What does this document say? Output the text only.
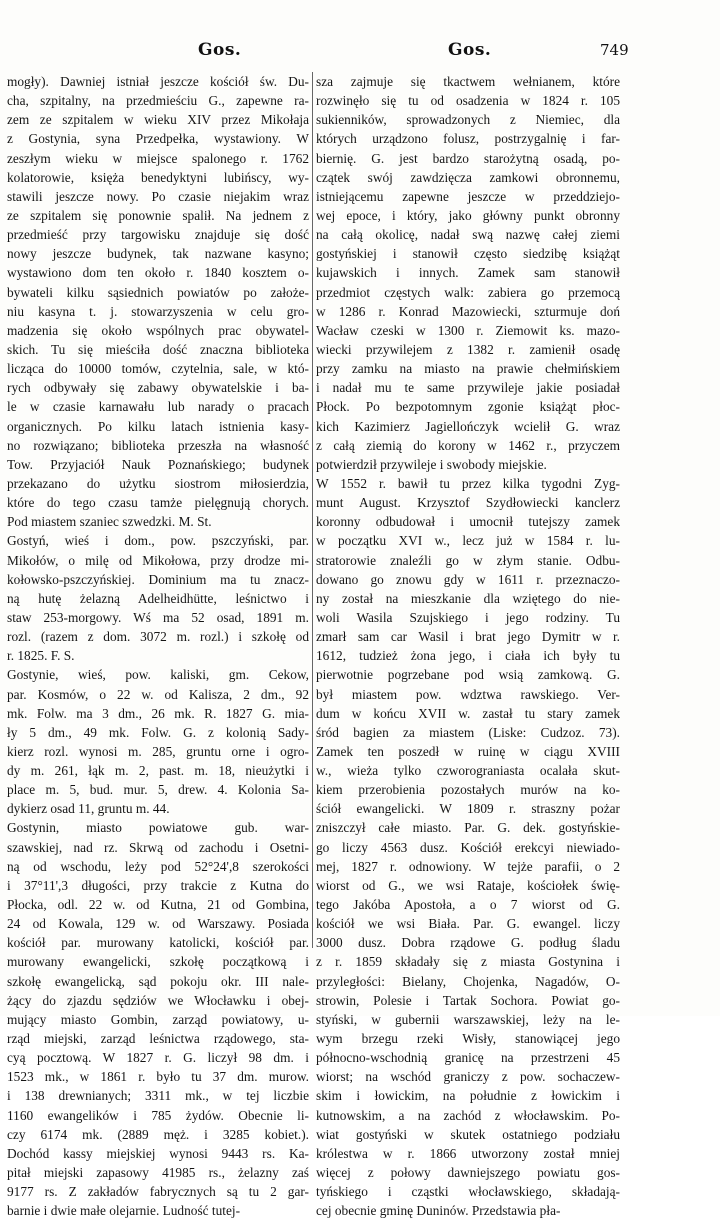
Gos.	Gos.	749
mogły). Dawniej istniał jeszcze kościół św. Du-
cha, szpitalny, na przedmieściu G., zapewne ra-
zem ze szpitalem w wieku XIV przez Mikołaja
z Gostynia, syna Przedpełka, wystawiony. W
zeszłym wieku w miejsce spalonego r. 1762
kolatorowie, księża benedyktyni lubińscy, wy-
stawili jeszcze nowy. Po czasie niejakim wraz
ze szpitalem się ponownie spalił. Na jednem z
przedmieść przy targowisku znajduje się dość
nowy jeszcze budynek, tak nazwane kasyno;
wystawiono dom ten około r. 1840 kosztem o-
bywateli kilku sąsiednich powiatów po założe-
niu kasyna t. j. stowarzyszenia w celu gro-
madzenia się około wspólnych prac obywatel-
skich. Tu się mieściła dość znaczna biblioteka
licząca do 10000 tomów, czytelnia, sale, w któ-
rych odbywały się zabawy obywatelskie i ba-
le w czasie karnawału lub narady o pracach
organicznych. Po kilku latach istnienia kasy-
no rozwiązano; biblioteka przeszła na własność
Tow. Przyjaciół Nauk Poznańskiego; budynek
przekazano do użytku siostrom miłosierdzia,
które do tego czasu tamże pielęgnują chorych.
Pod miastem szaniec szwedzki. M. St.
Gostyń, wieś i dom., pow. pszczyński, par.
Mikołów, o milę od Mikołowa, przy drodze mi-
kołowsko-pszczyńskiej. Dominium ma tu znacz-
ną hutę żelazną Adelheidhütte, leśnictwo i
staw 253-morgowy. Wś ma 52 osad, 1891 m.
rozl. (razem z dom. 3072 m. rozl.) i szkołę od
r. 1825. F. S.
Gostynie, wieś, pow. kaliski, gm. Cekow,
par. Kosmów, o 22 w. od Kalisza, 2 dm., 92
mk. Folw. ma 3 dm., 26 mk. R. 1827 G. mia-
ły 5 dm., 49 mk. Folw. G. z kolonią Sady-
kierz rozl. wynosi m. 285, gruntu orne i ogro-
dy m. 261, łąk m. 2, past. m. 18, nieużytki i
place m. 5, bud. mur. 5, drew. 4. Kolonia Sa-
dykierz osad 11, gruntu m. 44.
Gostynin, miasto powiatowe gub. war-
szawskiej, nad rz. Skrwą od zachodu i Osetni-
ną od wschodu, leży pod 52°24',8 szerokości
i 37°11',3 długości, przy trakcie z Kutna do
Płocka, odl. 22 w. od Kutna, 21 od Gombina,
24 od Kowala, 129 w. od Warszawy. Posiada
kościół par. murowany katolicki, kościół par.
murowany ewangelicki, szkołę początkową i
szkołę ewangelicką, sąd pokoju okr. III nale-
żący do zjazdu sędziów we Włocławku i obej-
mujący miasto Gombin, zarząd powiatowy, u-
rząd miejski, zarząd leśnictwa rządowego, sta-
cyą pocztową. W 1827 r. G. liczył 98 dm. i
1523 mk., w 1861 r. było tu 37 dm. murow.
i 138 drewnianych; 3311 mk., w tej liczbie
1160 ewangelików i 785 żydów. Obecnie li-
czy 6174 mk. (2889 męż. i 3285 kobiet.).
Dochód kassy miejskiej wynosi 9443 rs. Ka-
pitał miejski zapasowy 41985 rs., żelazny zaś
9177 rs. Z zakładów fabrycznych są tu 2 gar-
barnie i dwie małe olejarnie. Ludność tutej-
sza zajmuje się tkactwem wełnianem, które
rozwinęło się tu od osadzenia w 1824 r. 105
sukienników, sprowadzonych z Niemiec, dla
których urządzono folusz, postrzygalnię i far-
biernię. G. jest bardzo starożytną osadą, po-
czątek swój zawdzięcza zamkowi obronnemu,
istniejącemu zapewne jeszcze w przeddziejo-
wej epoce, i który, jako główny punkt obronny
na całą okolicę, nadał swą nazwę całej ziemi
gostyńskiej i stanowił często siedzibę książąt
kujawskich i innych. Zamek sam stanowił
przedmiot częstych walk: zabiera go przemocą
w 1286 r. Konrad Mazowiecki, szturmuje doń
Wacław czeski w 1300 r. Ziemowit ks. mazo-
wiecki przywilejem z 1382 r. zamienił osadę
przy zamku na miasto na prawie chełmińskiem
i nadał mu te same przywileje jakie posiadał
Płock. Po bezpotomnym zgonie książąt płoc-
kich Kazimierz Jagiellończyk wcielił G. wraz
z całą ziemią do korony w 1462 r., przyczem
potwierdził przywileje i swobody miejskie.
W 1552 r. bawił tu przez kilka tygodni Zyg-
munt August. Krzysztof Szydłowiecki kanclerz
koronny odbudował i umocnił tutejszy zamek
w początku XVI w., lecz już w 1584 r. lu-
stratorowie znaleźli go w złym stanie. Odbu-
dowano go znowu gdy w 1611 r. przeznaczo-
ny został na mieszkanie dla wziętego do nie-
woli Wasila Szujskiego i jego rodziny. Tu
zmarł sam car Wasil i brat jego Dymitr w r.
1612, tudzież żona jego, i ciała ich były tu
pierwotnie pogrzebane pod wsią zamkową. G.
był miastem pow. wdztwa rawskiego. Ver-
dum w końcu XVII w. zastał tu stary zamek
śród bagien za miastem (Liske: Cudzoz. 73).
Zamek ten poszedł w ruinę w ciągu XVIII
w., wieża tylko czworograniasta ocalała skut-
kiem przerobienia pozostałych murów na ko-
ściół ewangelicki. W 1809 r. straszny pożar
zniszczył całe miasto. Par. G. dek. gostyńskie-
go liczy 4563 dusz. Kościół erekcyi niewiado-
mej, 1827 r. odnowiony. W tejże parafii, o 2
wiorst od G., we wsi Rataje, kościołek świę-
tego Jakóba Apostoła, a o 7 wiorst od G.
kościół we wsi Biała. Par. G. ewangel. liczy
3000 dusz. Dobra rządowe G. podług śladu
z r. 1859 składały się z miasta Gostynina i
przyległości: Bielany, Chojenka, Nagadów, O-
strowin, Polesie i Tartak Sochora. Powiat go-
styński, w gubernii warszawskiej, leży na le-
wym brzegu rzeki Wisły, stanowiącej jego
północno-wschodnią granicę na przestrzeni 45
wiorst; na wschód graniczy z pow. sochaczew-
skim i łowickim, na południe z łowickim i
kutnowskim, a na zachód z włocławskim. Po-
wiat gostyński w skutek ostatniego podziału
królestwa w r. 1866 utworzony został mniej
więcej z połowy dawniejszego powiatu gos-
tyńskiego i cząstki włocławskiego, składają-
cej obecnie gminę Duninów. Przedstawia pła-
